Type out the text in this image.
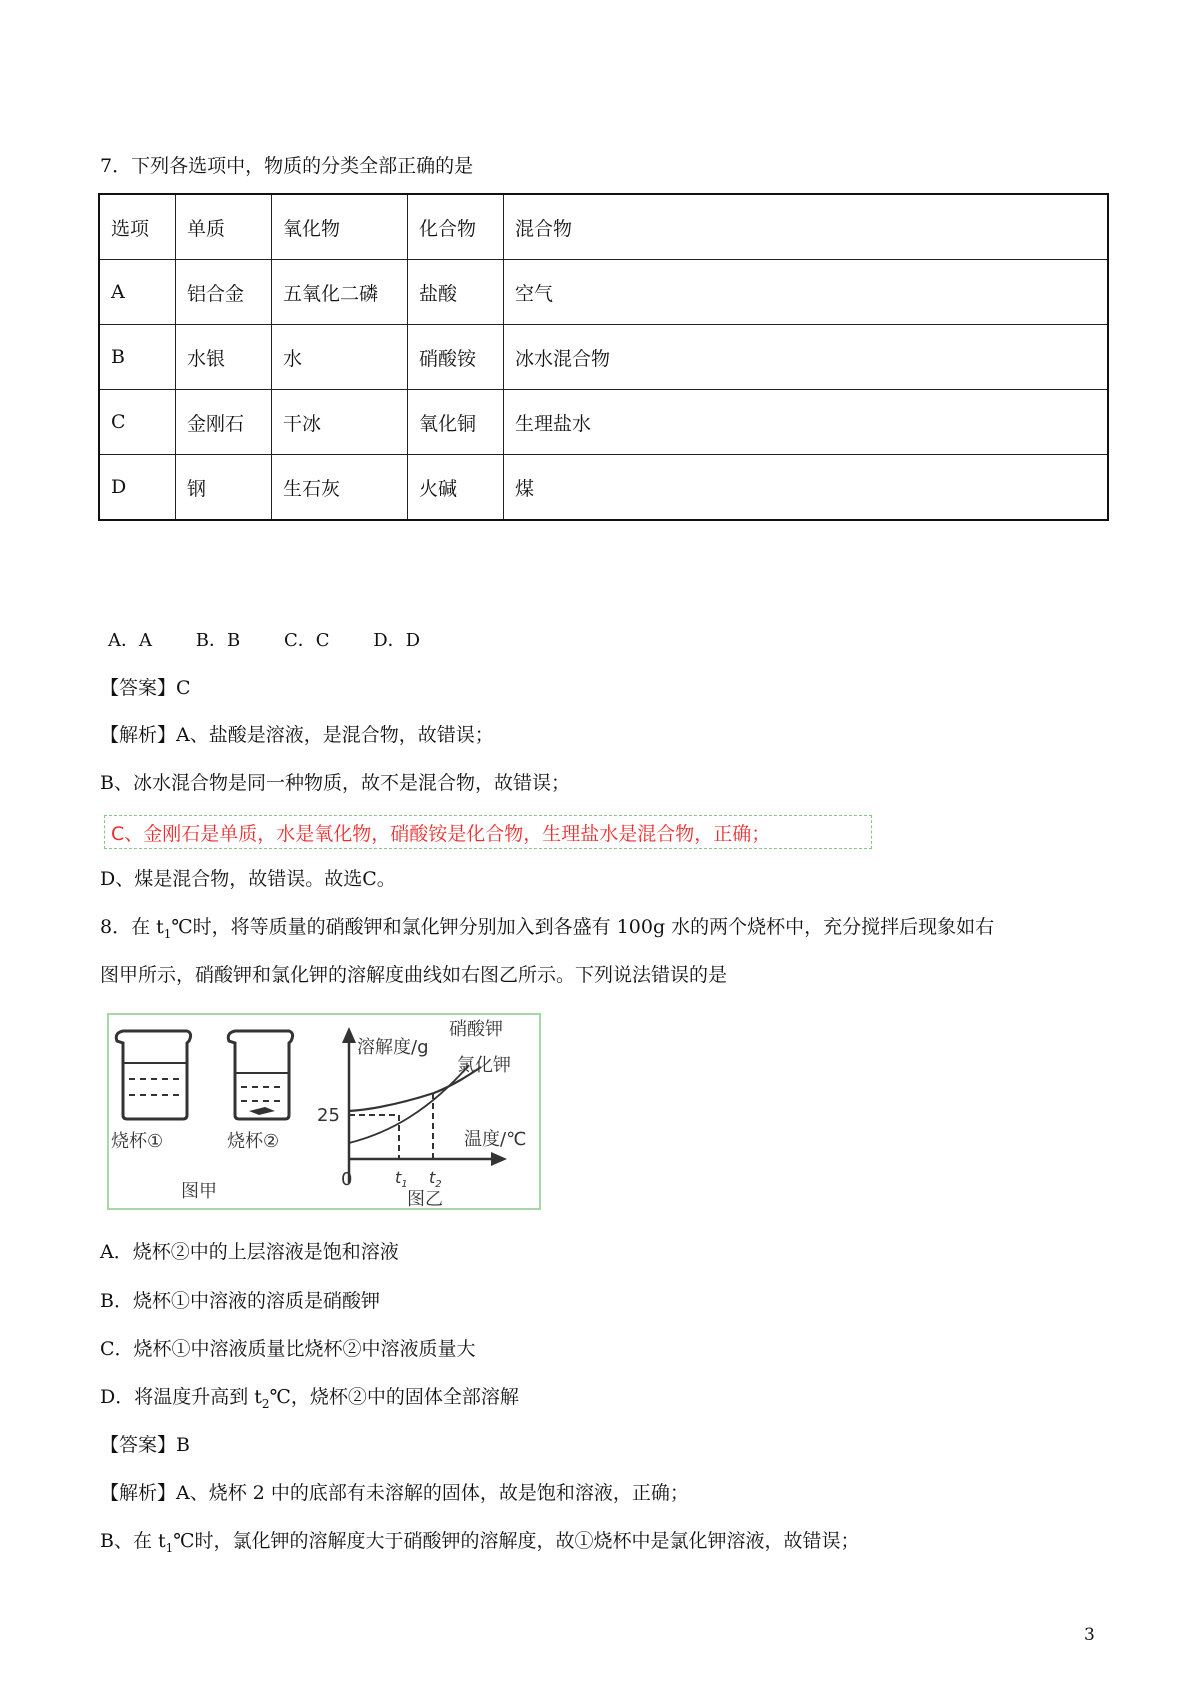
7．下列各选项中，物质的分类全部正确的是
选项	单质	氧化物	化合物	混合物
A	铝合金	五氧化二磷	盐酸	空气
B	水银	水	硝酸铵	冰水混合物
C	金刚石	干冰	氧化铜	生理盐水
D	钢	生石灰	火碱	煤
A．A B．B C．C D．D
【答案】C
【解析】A、盐酸是溶液，是混合物，故错误；
B、冰水混合物是同一种物质，故不是混合物，故错误；
C、金刚石是单质，水是氧化物，硝酸铵是化合物，生理盐水是混合物，正确；
D、煤是混合物，故错误。故选C。
8．在 $t_1℃$时，将等质量的硝酸钾和氯化钾分别加入到各盛有 100g 水的两个烧杯中，充分搅拌后现象如右
图甲所示，硝酸钾和氯化钾的溶解度曲线如右图乙所示。下列说法错误的是
烧杯①	烧杯②
图甲
溶解度/g
温度/℃
25
0
硝酸钾
氯化钾
$t_1$ $t_2$
图乙
A．烧杯②中的上层溶液是饱和溶液
B．烧杯①中溶液的溶质是硝酸钾
C．烧杯①中溶液质量比烧杯②中溶液质量大
D．将温度升高到 $t_2℃$，烧杯②中的固体全部溶解
【答案】B
【解析】A、烧杯 2 中的底部有未溶解的固体，故是饱和溶液，正确；
B、在 $t_1℃$时，氯化钾的溶解度大于硝酸钾的溶解度，故①烧杯中是氯化钾溶液，故错误；
3
